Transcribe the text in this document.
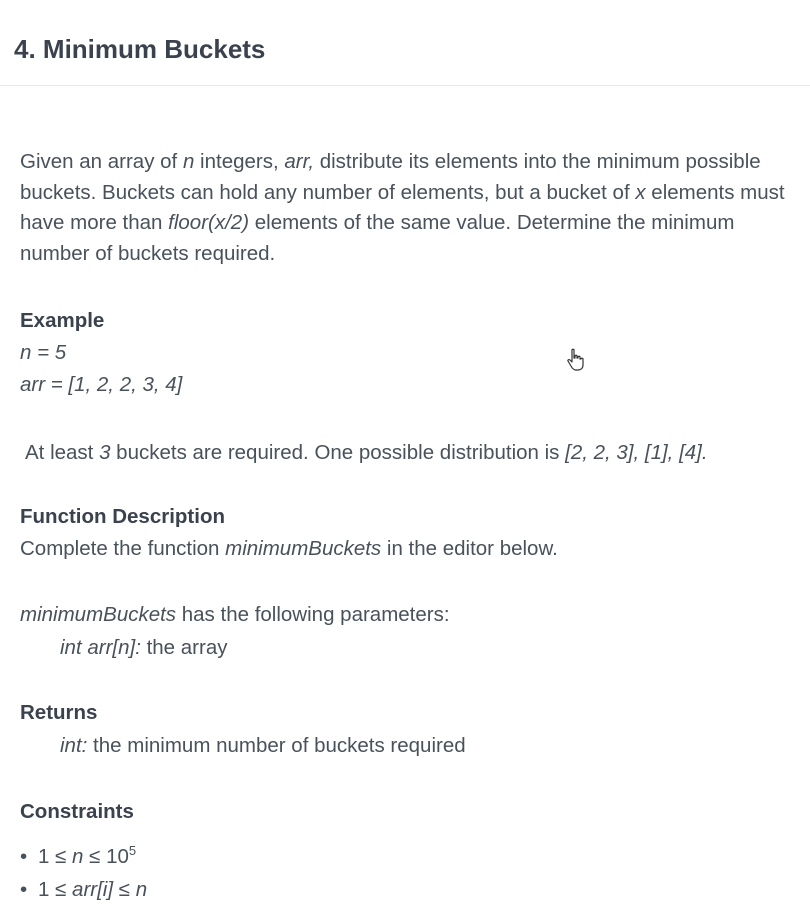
4. Minimum Buckets

Given an array of n integers, arr, distribute its elements into the minimum possible buckets. Buckets can hold any number of elements, but a bucket of x elements must have more than floor(x/2) elements of the same value. Determine the minimum number of buckets required.

Example

n = 5

arr = [1, 2, 2, 3, 4]

At least 3 buckets are required. One possible distribution is [2, 2, 3], [1], [4].

Function Description

Complete the function minimumBuckets in the editor below.

minimumBuckets has the following parameters:

int arr[n]: the array

Returns

int: the minimum number of buckets required

Constraints

• $1 \le n \le 10^5$
• 1 ≤ arr[i] ≤ n
